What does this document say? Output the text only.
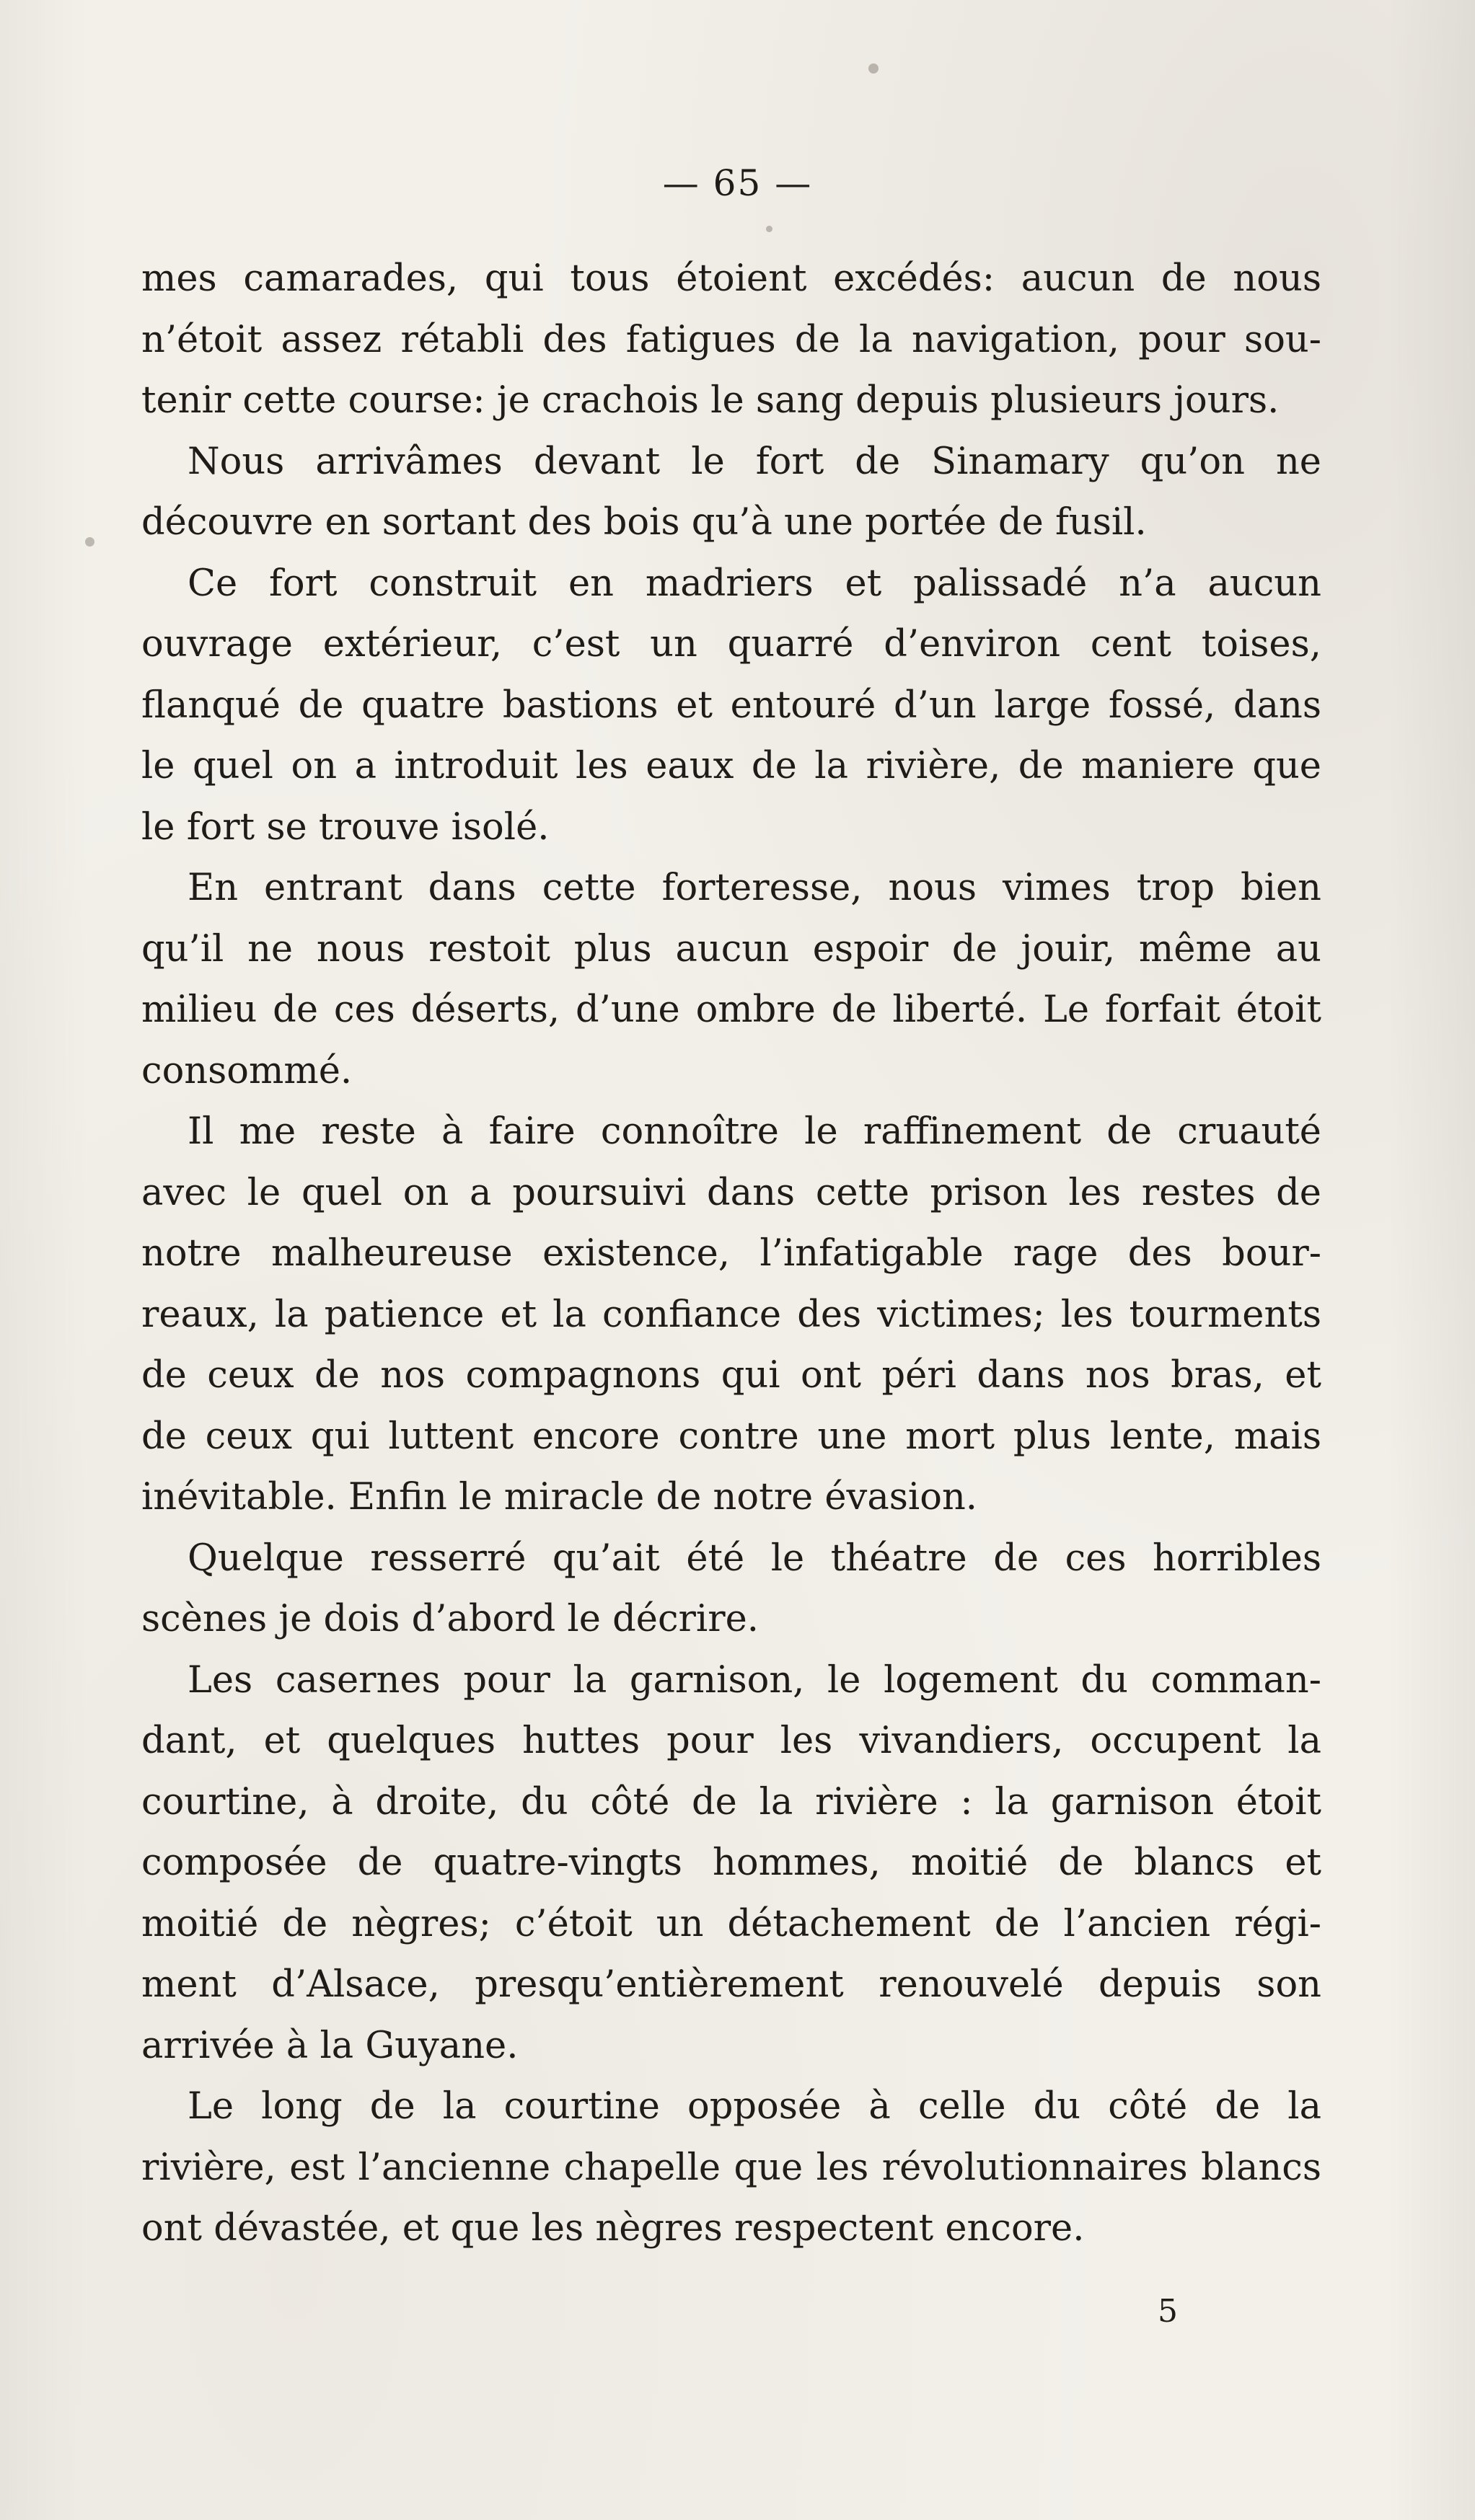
— 65 —
mes camarades, qui tous étoient excédés: aucun de nous
n’étoit assez rétabli des fatigues de la navigation, pour sou-
tenir cette course: je crachois le sang depuis plusieurs jours.
Nous arrivâmes devant le fort de Sinamary qu’on ne
découvre en sortant des bois qu’à une portée de fusil.
Ce fort construit en madriers et palissadé n’a aucun
ouvrage extérieur, c’est un quarré d’environ cent toises,
flanqué de quatre bastions et entouré d’un large fossé, dans
le quel on a introduit les eaux de la rivière, de maniere que
le fort se trouve isolé.
En entrant dans cette forteresse, nous vimes trop bien
qu’il ne nous restoit plus aucun espoir de jouir, même au
milieu de ces déserts, d’une ombre de liberté. Le forfait étoit
consommé.
Il me reste à faire connoître le raffinement de cruauté
avec le quel on a poursuivi dans cette prison les restes de
notre malheureuse existence, l’infatigable rage des bour-
reaux, la patience et la confiance des victimes; les tourments
de ceux de nos compagnons qui ont péri dans nos bras, et
de ceux qui luttent encore contre une mort plus lente, mais
inévitable. Enfin le miracle de notre évasion.
Quelque resserré qu’ait été le théatre de ces horribles
scènes je dois d’abord le décrire.
Les casernes pour la garnison, le logement du comman-
dant, et quelques huttes pour les vivandiers, occupent la
courtine, à droite, du côté de la rivière : la garnison étoit
composée de quatre-vingts hommes, moitié de blancs et
moitié de nègres; c’étoit un détachement de l’ancien régi-
ment d’Alsace, presqu’entièrement renouvelé depuis son
arrivée à la Guyane.
Le long de la courtine opposée à celle du côté de la
rivière, est l’ancienne chapelle que les révolutionnaires blancs
ont dévastée, et que les nègres respectent encore.
5
